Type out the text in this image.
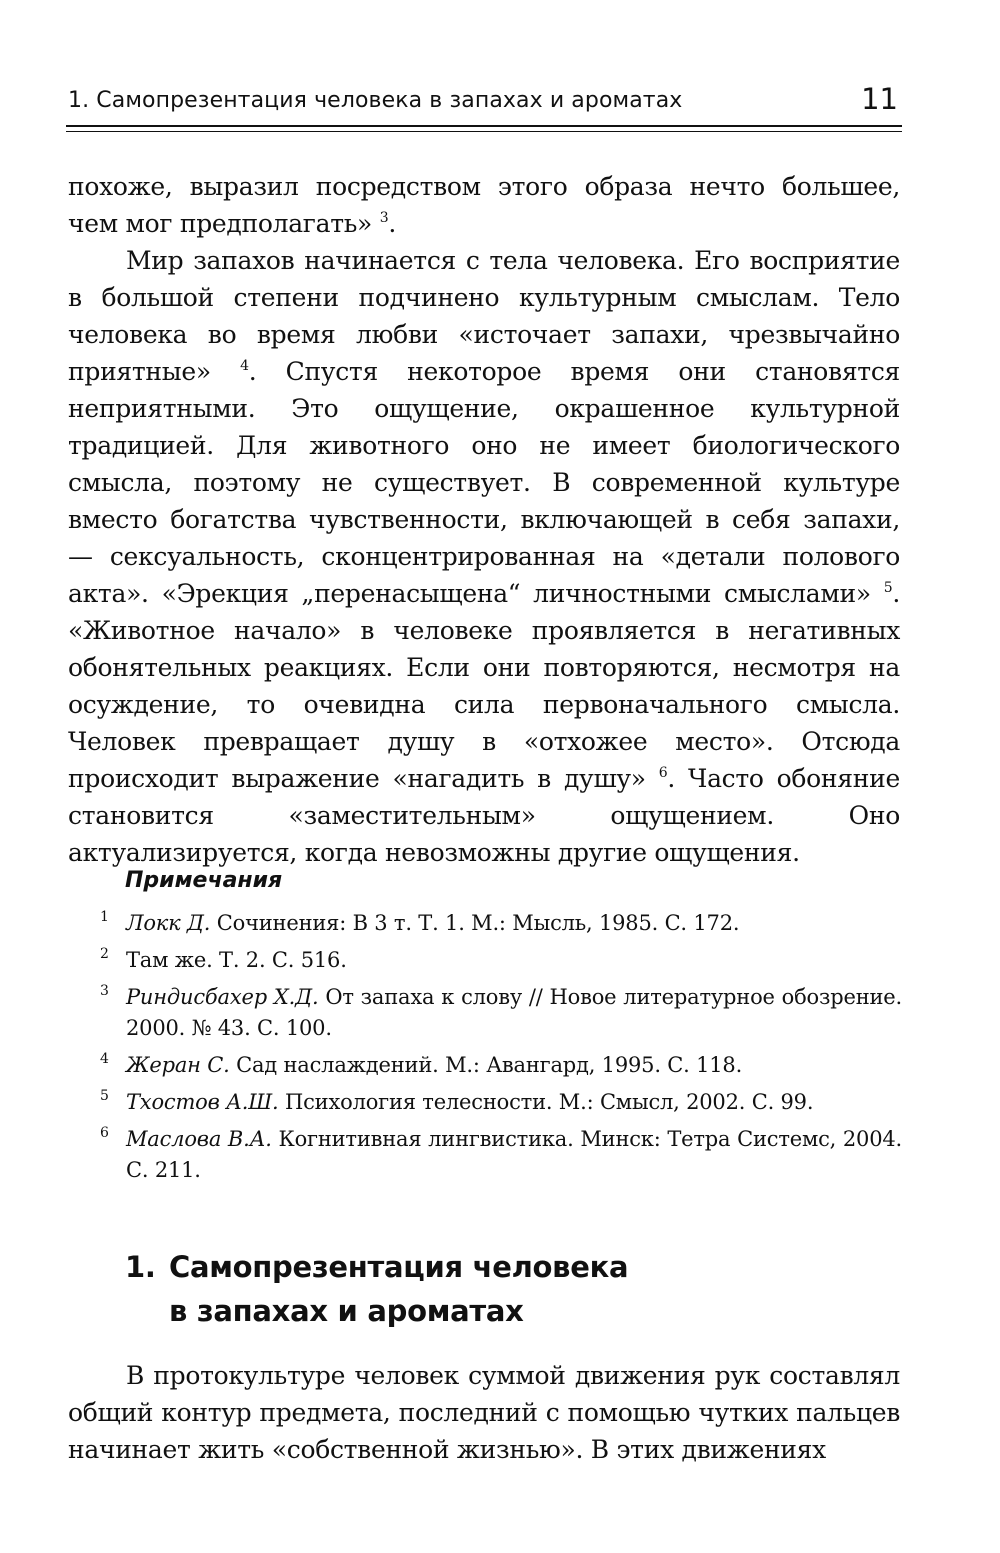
1. Самопрезентация человека в запахах и ароматах	11

похоже, выразил посредством этого образа нечто большее, чем мог предполагать» $^3$.

Мир запахов начинается с тела человека. Его восприятие в большой степени подчинено культурным смыслам. Тело человека во время любви «источает запахи, чрезвычайно приятные» $^4$. Спустя некоторое время они становятся неприятными. Это ощущение, окрашенное культурной традицией. Для животного оно не имеет биологического смысла, поэтому не существует. В современной культуре вместо богатства чувственности, включающей в себя запахи, — сексуальность, сконцентрированная на «детали полового акта». «Эрекция „перенасыщена“ личностными смыслами» $^5$. «Животное начало» в человеке проявляется в негативных обонятельных реакциях. Если они повторяются, несмотря на осуждение, то очевидна сила первоначального смысла. Человек превращает душу в «отхожее место». Отсюда происходит выражение «нагадить в душу» $^6$. Часто обоняние становится «заместительным» ощущением. Оно актуализируется, когда невозможны другие ощущения.

Примечания
1 Локк Д. Сочинения: В 3 т. Т. 1. М.: Мысль, 1985. С. 172.
2 Там же. Т. 2. С. 516.
3 Риндисбахер Х.Д. От запаха к слову // Новое литературное обозрение. 2000. № 43. С. 100.
4 Жеран С. Сад наслаждений. М.: Авангард, 1995. С. 118.
5 Тхостов А.Ш. Психология телесности. М.: Смысл, 2002. С. 99.
6 Маслова В.А. Когнитивная лингвистика. Минск: Тетра Системс, 2004. С. 211.
1. Самопрезентация человека
в запахах и ароматах

В протокультуре человек суммой движения рук составлял общий контур предмета, последний с помощью чутких пальцев начинает жить «собственной жизнью». В этих движениях
